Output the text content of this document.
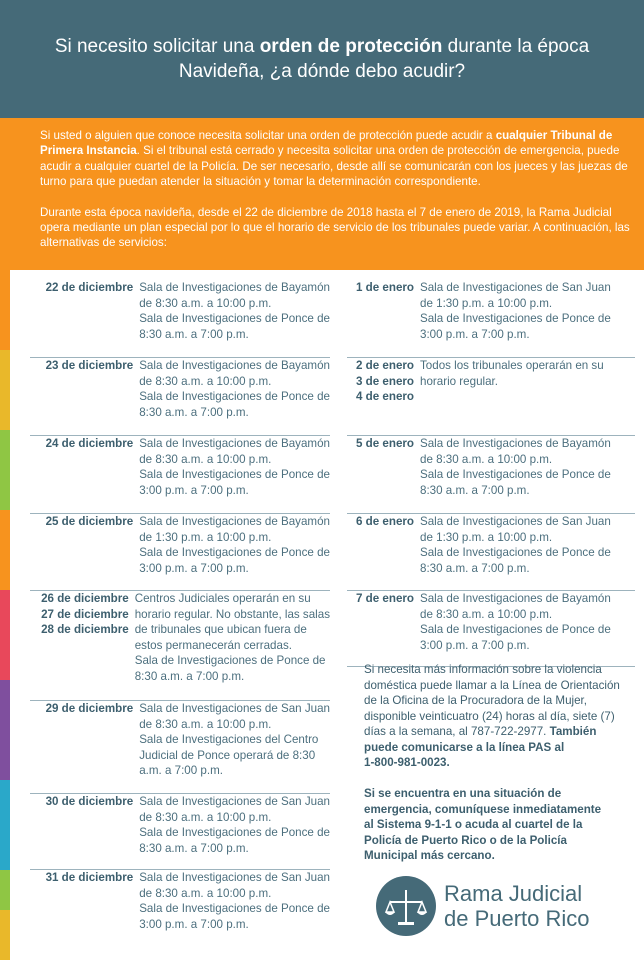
Si necesito solicitar una orden de protección durante la época
Navideña, ¿a dónde debo acudir?

Si usted o alguien que conoce necesita solicitar una orden de protección puede acudir a cualquier Tribunal de Primera Instancia. Si el tribunal está cerrado y necesita solicitar una orden de protección de emergencia, puede acudir a cualquier cuartel de la Policía. De ser necesario, desde allí se comunicarán con los jueces y las juezas de turno para que puedan atender la situación y tomar la determinación correspondiente.

Durante esta época navideña, desde el 22 de diciembre de 2018 hasta el 7 de enero de 2019, la Rama Judicial opera mediante un plan especial por lo que el horario de servicio de los tribunales puede variar. A continuación, las alternativas de servicios:

22 de diciembre Sala de Investigaciones de Bayamón
de 8:30 a.m. a 10:00 p.m.
Sala de Investigaciones de Ponce de
8:30 a.m. a 7:00 p.m.
23 de diciembre Sala de Investigaciones de Bayamón
de 8:30 a.m. a 10:00 p.m.
Sala de Investigaciones de Ponce de
8:30 a.m. a 7:00 p.m.
24 de diciembre Sala de Investigaciones de Bayamón
de 8:30 a.m. a 10:00 p.m.
Sala de Investigaciones de Ponce de
3:00 p.m. a 7:00 p.m.
25 de diciembre Sala de Investigaciones de Bayamón
de 1:30 p.m. a 10:00 p.m.
Sala de Investigaciones de Ponce de
3:00 p.m. a 7:00 p.m.
26 de diciembre
27 de diciembre
28 de diciembre
Centros Judiciales operarán en su
horario regular. No obstante, las salas
de tribunales que ubican fuera de
estos permanecerán cerradas.
Sala de Investigaciones de Ponce de
8:30 a.m. a 7:00 p.m.
29 de diciembre Sala de Investigaciones de San Juan
de 8:30 a.m. a 10:00 p.m.
Sala de Investigaciones del Centro
Judicial de Ponce operará de 8:30
a.m. a 7:00 p.m.
30 de diciembre Sala de Investigaciones de San Juan
de 8:30 a.m. a 10:00 p.m.
Sala de Investigaciones de Ponce de
8:30 a.m. a 7:00 p.m.
31 de diciembre Sala de Investigaciones de San Juan
de 8:30 a.m. a 10:00 p.m.
Sala de Investigaciones de Ponce de
3:00 p.m. a 7:00 p.m.
1 de enero Sala de Investigaciones de San Juan
de 1:30 p.m. a 10:00 p.m.
Sala de Investigaciones de Ponce de
3:00 p.m. a 7:00 p.m.
2 de enero
3 de enero
4 de enero
Todos los tribunales operarán en su
horario regular.
5 de enero Sala de Investigaciones de Bayamón
de 8:30 a.m. a 10:00 p.m.
Sala de Investigaciones de Ponce de
8:30 a.m. a 7:00 p.m.
6 de enero Sala de Investigaciones de San Juan
de 1:30 p.m. a 10:00 p.m.
Sala de Investigaciones de Ponce de
8:30 a.m. a 7:00 p.m.
7 de enero Sala de Investigaciones de Bayamón
de 8:30 a.m. a 10:00 p.m.
Sala de Investigaciones de Ponce de
3:00 p.m. a 7:00 p.m.
Si necesita más información sobre la violencia
doméstica puede llamar a la Línea de Orientación
de la Oficina de la Procuradora de la Mujer,
disponible veinticuatro (24) horas al día, siete (7)
días a la semana, al 787-722-2977. También
puede comunicarse a la línea PAS al
1-800-981-0023.
Si se encuentra en una situación de
emergencia, comuníquese inmediatamente
al Sistema 9-1-1 o acuda al cuartel de la
Policía de Puerto Rico o de la Policía
Municipal más cercano.
Rama Judicial
de Puerto Rico
